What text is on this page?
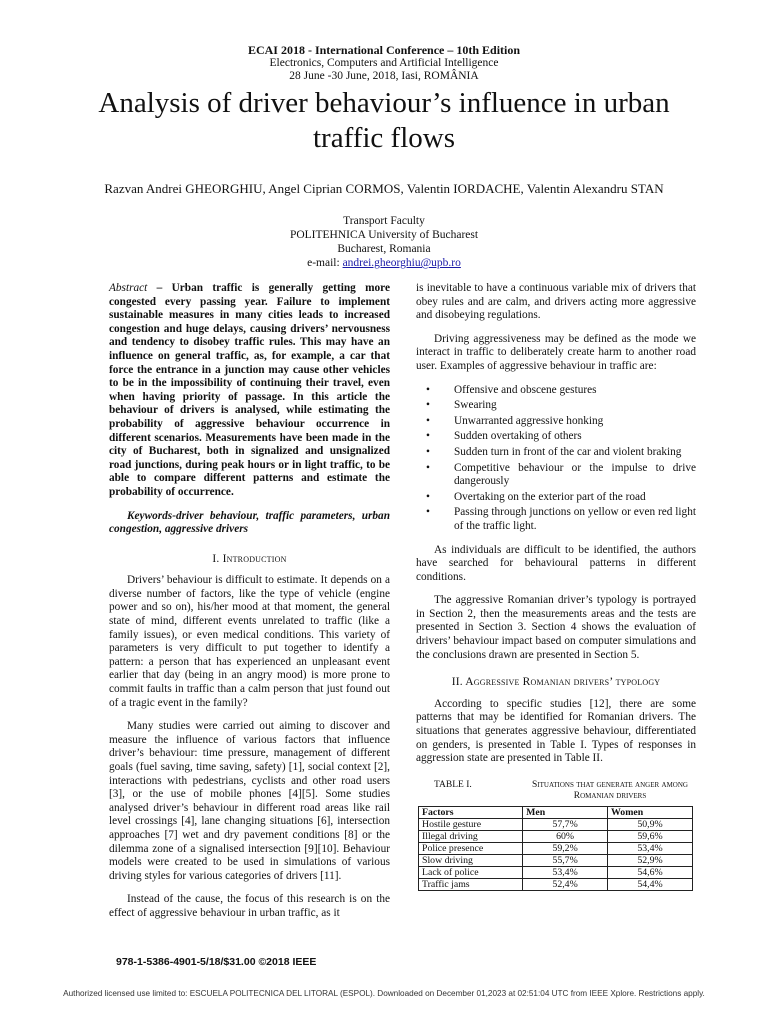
ECAI 2018 - International Conference – 10th Edition
Electronics, Computers and Artificial Intelligence
28 June -30 June, 2018, Iasi, ROMÂNIA
Analysis of driver behaviour’s influence in urban traffic flows
Razvan Andrei GHEORGHIU, Angel Ciprian CORMOS, Valentin IORDACHE, Valentin Alexandru STAN
Transport Faculty
POLITEHNICA University of Bucharest
Bucharest, Romania
e-mail: andrei.gheorghiu@upb.ro

Abstract – Urban traffic is generally getting more congested every passing year. Failure to implement sustainable measures in many cities leads to increased congestion and huge delays, causing drivers’ nervousness and tendency to disobey traffic rules. This may have an influence on general traffic, as, for example, a car that force the entrance in a junction may cause other vehicles to be in the impossibility of continuing their travel, even when having priority of passage. In this article the behaviour of drivers is analysed, while estimating the probability of aggressive behaviour occurrence in different scenarios. Measurements have been made in the city of Bucharest, both in signalized and unsignalized road junctions, during peak hours or in light traffic, to be able to compare different patterns and estimate the probability of occurrence.

Keywords-driver behaviour, traffic parameters, urban congestion, aggressive drivers

I. Introduction

Drivers’ behaviour is difficult to estimate. It depends on a diverse number of factors, like the type of vehicle (engine power and so on), his/her mood at that moment, the general state of mind, different events unrelated to traffic (like a family issues), or even medical conditions. This variety of parameters is very difficult to put together to identify a pattern: a person that has experienced an unpleasant event earlier that day (being in an angry mood) is more prone to commit faults in traffic than a calm person that just found out of a tragic event in the family?

Many studies were carried out aiming to discover and measure the influence of various factors that influence driver’s behaviour: time pressure, management of different goals (fuel saving, time saving, safety) [1], social context [2], interactions with pedestrians, cyclists and other road users [3], or the use of mobile phones [4][5]. Some studies analysed driver’s behaviour in different road areas like rail level crossings [4], lane changing situations [6], intersection approaches [7] wet and dry pavement conditions [8] or the dilemma zone of a signalised intersection [9][10]. Behaviour models were created to be used in simulations of various driving styles for various categories of drivers [11].

Instead of the cause, the focus of this research is on the effect of aggressive behaviour in urban traffic, as it

is inevitable to have a continuous variable mix of drivers that obey rules and are calm, and drivers acting more aggressive and disobeying regulations.

Driving aggressiveness may be defined as the mode we interact in traffic to deliberately create harm to another road user. Examples of aggressive behaviour in traffic are:

• Offensive and obscene gestures
• Swearing
• Unwarranted aggressive honking
• Sudden overtaking of others
• Sudden turn in front of the car and violent braking
• Competitive behaviour or the impulse to drive dangerously
• Overtaking on the exterior part of the road
• Passing through junctions on yellow or even red light of the traffic light.

As individuals are difficult to be identified, the authors have searched for behavioural patterns in different conditions.

The aggressive Romanian driver’s typology is portrayed in Section 2, then the measurements areas and the tests are presented in Section 3. Section 4 shows the evaluation of drivers’ behaviour impact based on computer simulations and the conclusions drawn are presented in Section 5.

II. Aggressive Romanian drivers’ typology

According to specific studies [12], there are some patterns that may be identified for Romanian drivers. The situations that generates aggressive behaviour, differentiated on genders, is presented in Table I. Types of responses in aggression state are presented in Table II.

TABLE I.	Situations that generate anger among Romanian drivers
Factors	Men	Women
Hostile gesture	57,7%	50,9%
Illegal driving	60%	59,6%
Police presence	59,2%	53,4%
Slow driving	55,7%	52,9%
Lack of police	53,4%	54,6%
Traffic jams	52,4%	54,4%
978-1-5386-4901-5/18/$31.00 ©2018 IEEE
Authorized licensed use limited to: ESCUELA POLITECNICA DEL LITORAL (ESPOL). Downloaded on December 01,2023 at 02:51:04 UTC from IEEE Xplore. Restrictions apply.
